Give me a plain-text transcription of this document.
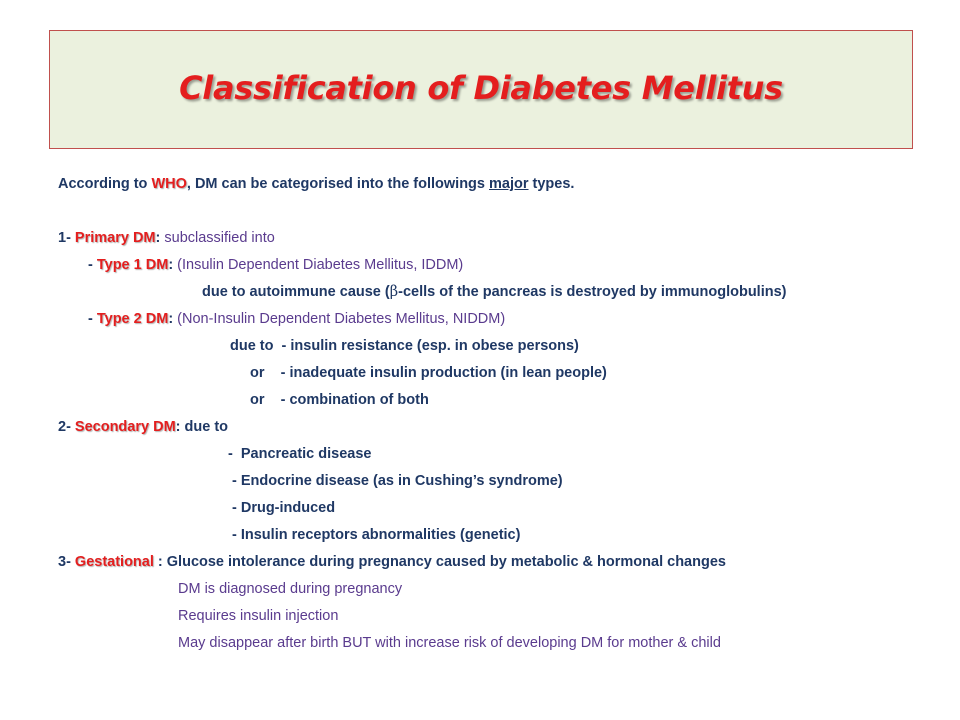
Classification of Diabetes Mellitus
According to WHO, DM can be categorised into the followings major types.
1- Primary DM: subclassified into
- Type 1 DM: (Insulin Dependent Diabetes Mellitus, IDDM)
due to autoimmune cause (β-cells of the pancreas is destroyed by immunoglobulins)
- Type 2 DM: (Non-Insulin Dependent Diabetes Mellitus, NIDDM)
due to  - insulin resistance (esp. in obese persons)
or    - inadequate insulin production (in lean people)
or    - combination of both
2- Secondary DM: due to
-  Pancreatic disease
- Endocrine disease (as in Cushing’s syndrome)
- Drug-induced
- Insulin receptors abnormalities (genetic)
3- Gestational : Glucose intolerance during pregnancy caused by metabolic & hormonal changes
DM is diagnosed during pregnancy
Requires insulin injection
May disappear after birth BUT with increase risk of developing DM for mother & child
